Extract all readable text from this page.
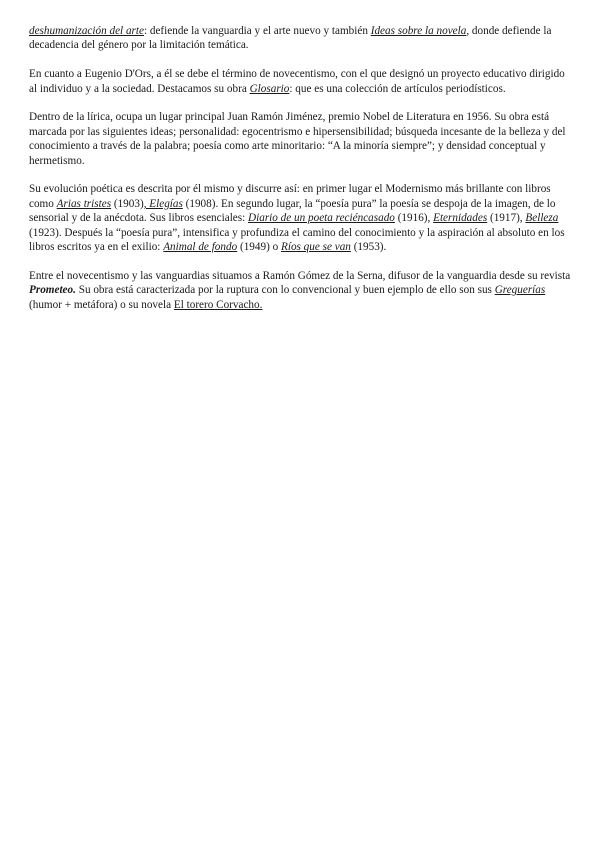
deshumanización del arte: defiende la vanguardia y el arte nuevo y también Ideas sobre la novela, donde defiende la decadencia del género por la limitación temática.

En cuanto a Eugenio D'Ors, a él se debe el término de novecentismo, con el que designó un proyecto educativo dirigido al individuo y a la sociedad. Destacamos su obra Glosario: que es una colección de artículos periodísticos.

Dentro de la lírica, ocupa un lugar principal Juan Ramón Jiménez, premio Nobel de Literatura en 1956. Su obra está marcada por las siguientes ideas; personalidad: egocentrismo e hipersensibilidad; búsqueda incesante de la belleza y del conocimiento a través de la palabra; poesía como arte minoritario: “A la minoría siempre”; y densidad conceptual y hermetismo.

Su evolución poética es descrita por él mismo y discurre así: en primer lugar el Modernismo más brillante con libros como Arias tristes (1903), Elegías (1908). En segundo lugar, la “poesía pura” la poesía se despoja de la imagen, de lo sensorial y de la anécdota. Sus libros esenciales: Diario de un poeta reciéncasado (1916), Eternidades (1917), Belleza (1923). Después la “poesía pura”, intensifica y profundiza el camino del conocimiento y la aspiración al absoluto en los libros escritos ya en el exilio: Animal de fondo (1949) o Ríos que se van (1953).

Entre el novecentismo y las vanguardias situamos a Ramón Gómez de la Serna, difusor de la vanguardia desde su revista Prometeo. Su obra está caracterizada por la ruptura con lo convencional y buen ejemplo de ello son sus Greguerías (humor + metáfora) o su novela El torero Corvacho.
